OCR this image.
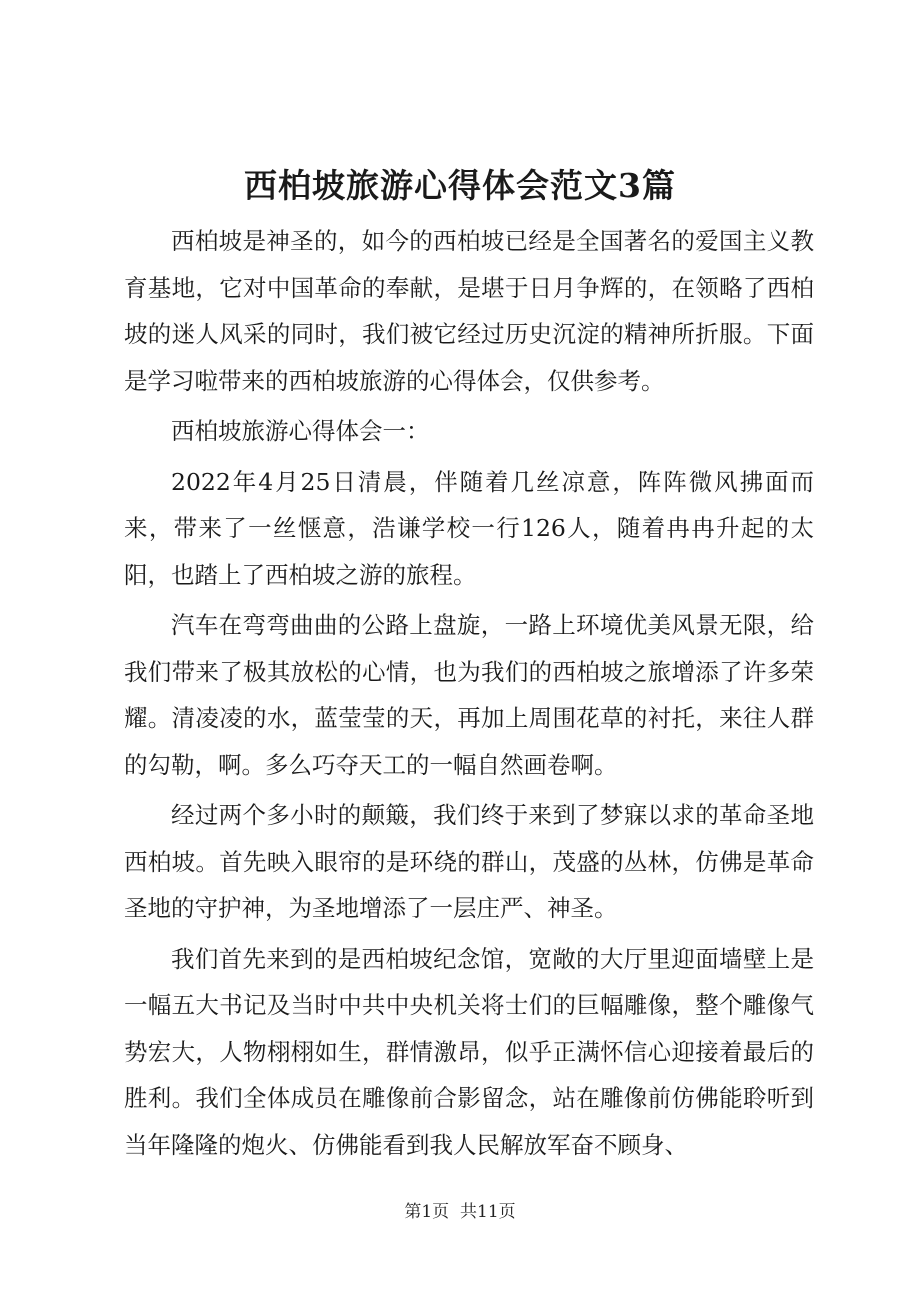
西柏坡旅游心得体会范文3篇

西柏坡是神圣的，如今的西柏坡已经是全国著名的爱国主义教育基地，它对中国革命的奉献，是堪于日月争辉的，在领略了西柏坡的迷人风采的同时，我们被它经过历史沉淀的精神所折服。下面是学习啦带来的西柏坡旅游的心得体会，仅供参考。

西柏坡旅游心得体会一：

2022年4月25日清晨，伴随着几丝凉意，阵阵微风拂面而来，带来了一丝惬意，浩谦学校一行126人，随着冉冉升起的太阳，也踏上了西柏坡之游的旅程。

汽车在弯弯曲曲的公路上盘旋，一路上环境优美风景无限，给我们带来了极其放松的心情，也为我们的西柏坡之旅增添了许多荣耀。清凌凌的水，蓝莹莹的天，再加上周围花草的衬托，来往人群的勾勒，啊。多么巧夺天工的一幅自然画卷啊。

经过两个多小时的颠簸，我们终于来到了梦寐以求的革命圣地西柏坡。首先映入眼帘的是环绕的群山，茂盛的丛林，仿佛是革命圣地的守护神，为圣地增添了一层庄严、神圣。

我们首先来到的是西柏坡纪念馆，宽敞的大厅里迎面墙壁上是一幅五大书记及当时中共中央机关将士们的巨幅雕像，整个雕像气势宏大，人物栩栩如生，群情激昂，似乎正满怀信心迎接着最后的胜利。我们全体成员在雕像前合影留念，站在雕像前仿佛能聆听到当年隆隆的炮火、仿佛能看到我人民解放军奋不顾身、

第1页 共11页
